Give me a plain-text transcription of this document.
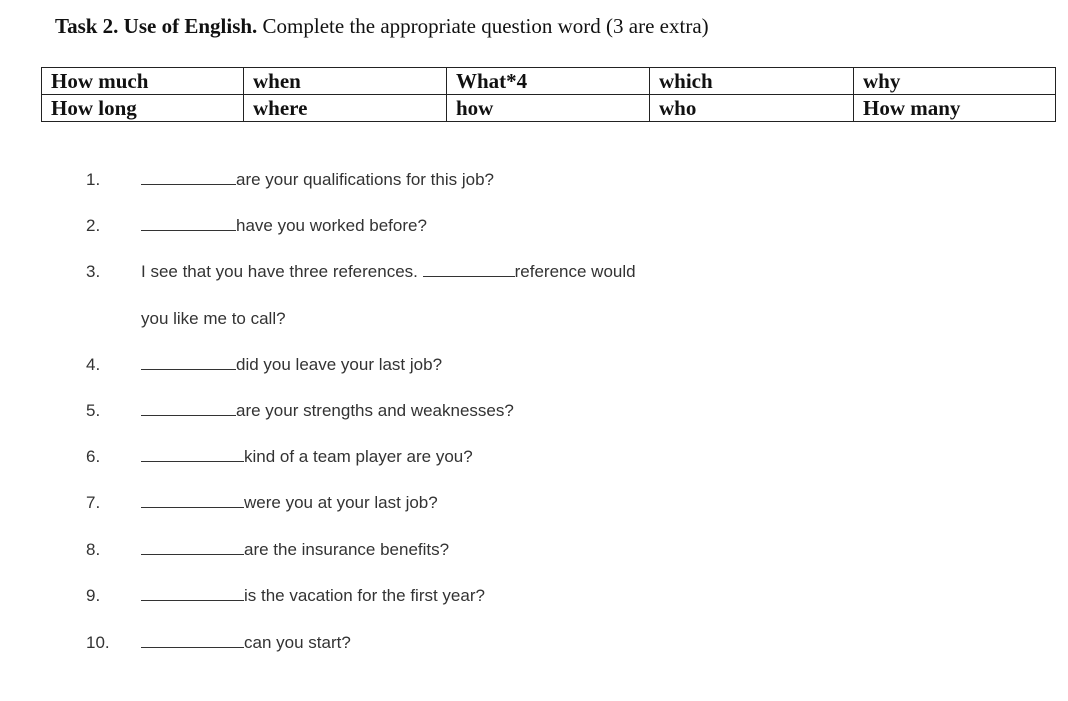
Task 2. Use of English. Complete the appropriate question word (3 are extra)
How much	when	What*4	which	why
How long	where	how	who	How many
1.	are your qualifications for this job?
2.	have you worked before?
3. I see that you have three references.	reference would
you like me to call?
4.	did you leave your last job?
5.	are your strengths and weaknesses?
6.	kind of a team player are you?
7.	were you at your last job?
8.	are the insurance benefits?
9.	is the vacation for the first year?
10.	can you start?
